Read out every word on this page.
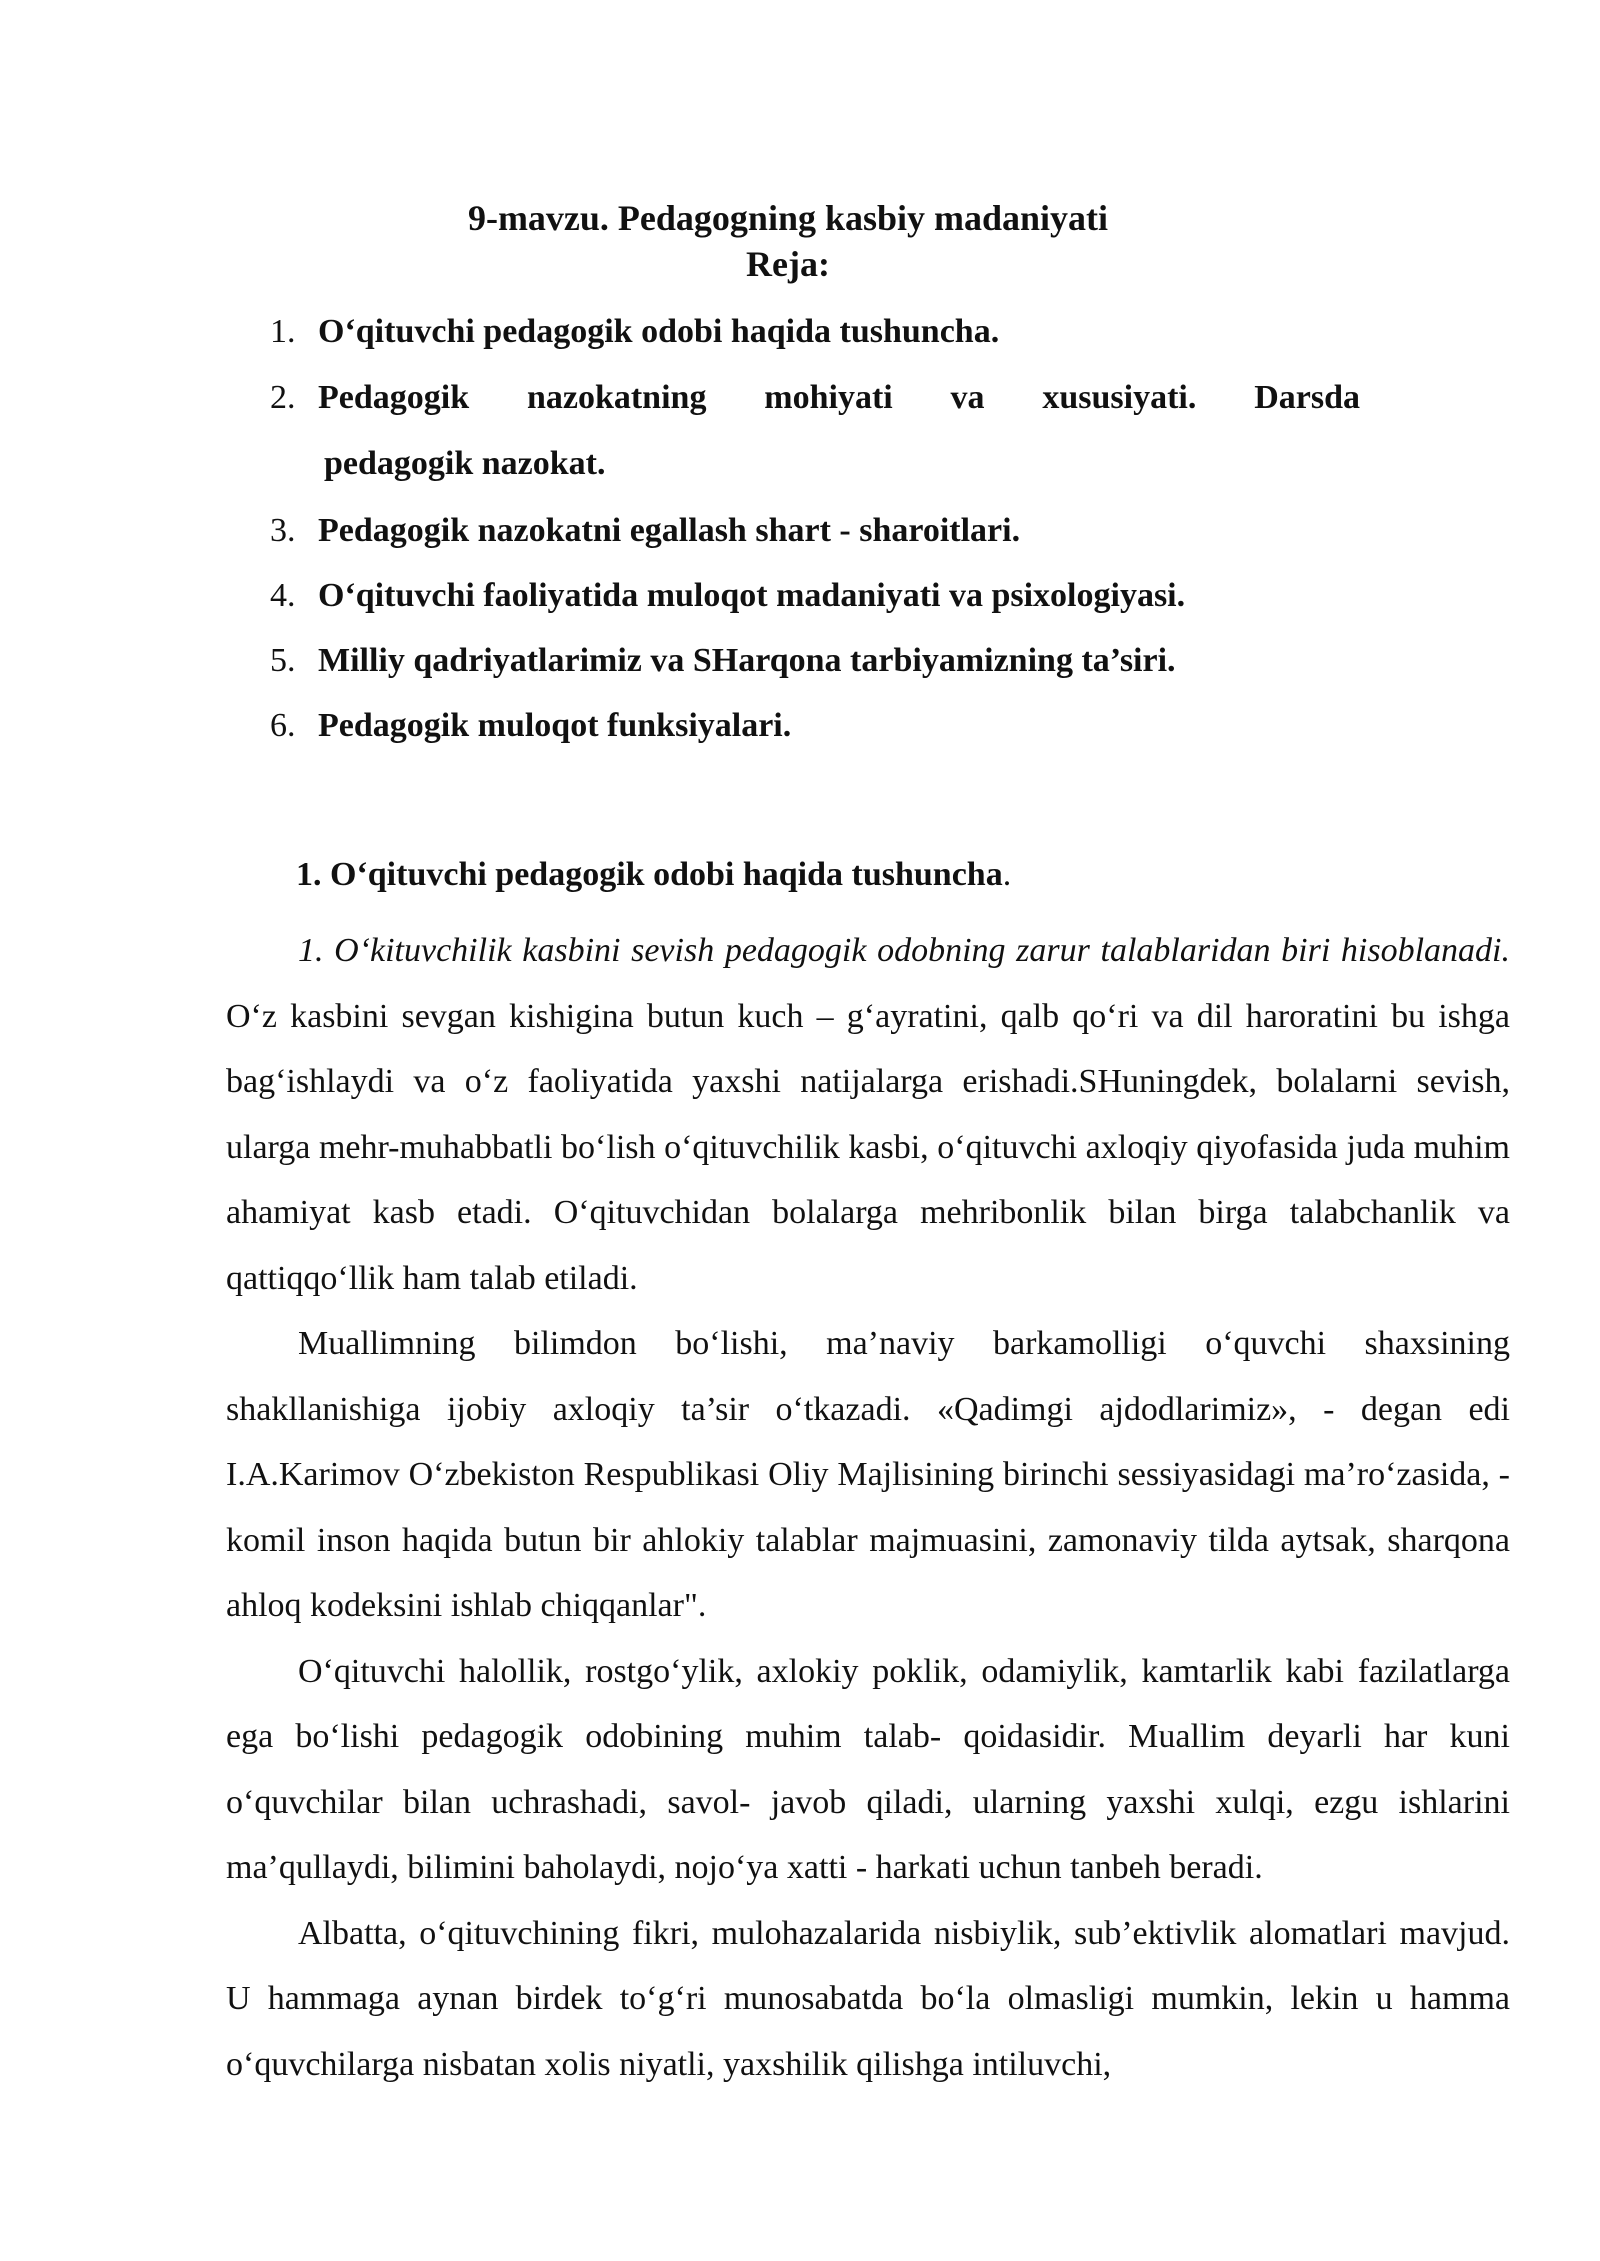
9-mavzu. Pedagogning kasbiy madaniyati
Reja:
1. O‘qituvchi pedagogik odobi haqida tushuncha.
2. Pedagogik nazokatning mohiyati va xususiyati. Darsda
pedagogik nazokat.
3. Pedagogik nazokatni egallash shart - sharoitlari.
4. O‘qituvchi faoliyatida muloqot madaniyati va psixologiyasi.
5. Milliy qadriyatlarimiz va SHarqona tarbiyamizning ta’siri.
6. Pedagogik muloqot funksiyalari.
1. O‘qituvchi pedagogik odobi haqida tushuncha.

1. O‘kituvchilik kasbini sevish pedagogik odobning zarur talablaridan biri hisoblanadi. O‘z kasbini sevgan kishigina butun kuch – g‘ayratini, qalb qo‘ri va dil haroratini bu ishga bag‘ishlaydi va o‘z faoliyatida yaxshi natijalarga erishadi.SHuningdek, bolalarni sevish, ularga mehr-muhabbatli bo‘lish o‘qituvchilik kasbi, o‘qituvchi axloqiy qiyofasida juda muhim ahamiyat kasb etadi. O‘qituvchidan bolalarga mehribonlik bilan birga talabchanlik va qattiqqo‘llik ham talab etiladi.

Muallimning bilimdon bo‘lishi, ma’naviy barkamolligi o‘quvchi shaxsining shakllanishiga ijobiy axloqiy ta’sir o‘tkazadi. «Qadimgi ajdodlarimiz», - degan edi I.A.Karimov O‘zbekiston Respublikasi Oliy Majlisining birinchi sessiyasidagi ma’ro‘zasida, - komil inson haqida butun bir ahlokiy talablar majmuasini, zamonaviy tilda aytsak, sharqona ahloq kodeksini ishlab chiqqanlar".

O‘qituvchi halollik, rostgo‘ylik, axlokiy poklik, odamiylik, kamtarlik kabi fazilatlarga ega bo‘lishi pedagogik odobining muhim talab- qoidasidir. Muallim deyarli har kuni o‘quvchilar bilan uchrashadi, savol- javob qiladi, ularning yaxshi xulqi, ezgu ishlarini ma’qullaydi, bilimini baholaydi, nojo‘ya xatti - harkati uchun tanbeh beradi.

Albatta, o‘qituvchining fikri, mulohazalarida nisbiylik, sub’ektivlik alomatlari mavjud. U hammaga aynan birdek to‘g‘ri munosabatda bo‘la olmasligi mumkin, lekin u hamma o‘quvchilarga nisbatan xolis niyatli, yaxshilik qilishga intiluvchi,
